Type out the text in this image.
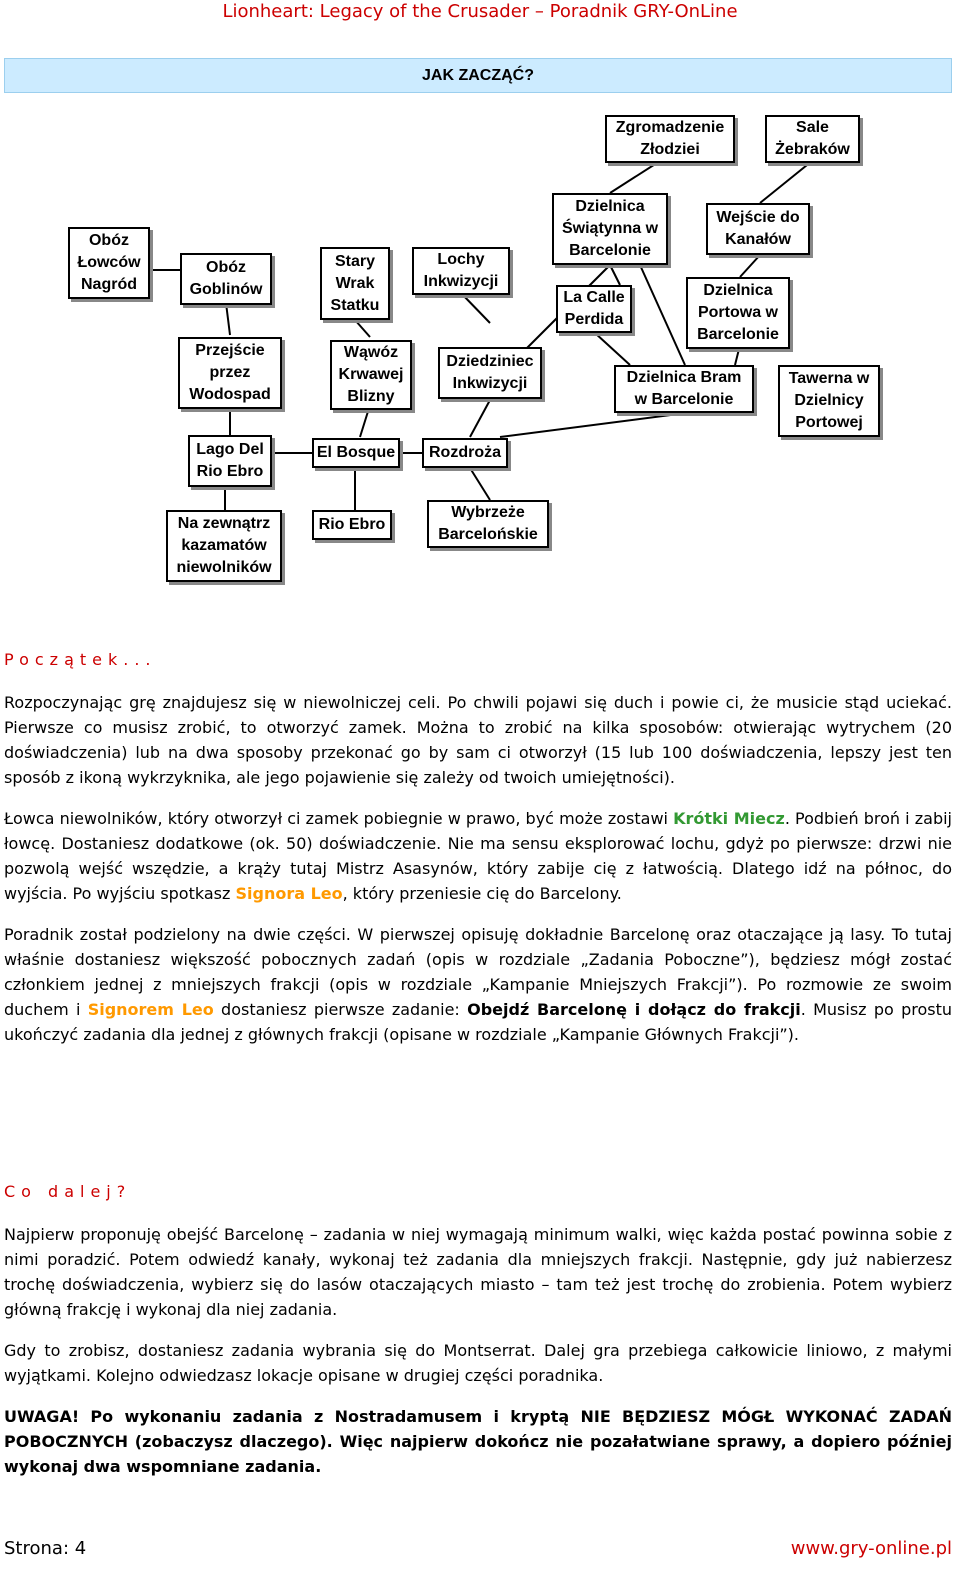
Lionheart: Legacy of the Crusader – Poradnik GRY-OnLine
JAK ZACZĄĆ?
Zgromadzenie
Złodziei
Sale
Żebraków
Dzielnica
Świątynna w
Barcelonie
Wejście do
Kanałów
Obóz
Łowców
Nagród
Obóz
Goblinów
Stary
Wrak
Statku
Lochy
Inkwizycji
La Calle
Perdida
Dzielnica
Portowa w
Barcelonie
Przejście
przez
Wodospad
Wąwóz
Krwawej
Blizny
Dziedziniec
Inkwizycji	Dzielnica Bram
w Barcelonie
Tawerna w
Dzielnicy
Portowej
Lago Del
Rio Ebro
El Bosque	Rozdroża
Na zewnątrz
kazamatów
niewolników
Rio Ebro
Wybrzeże
Barcelońskie
Początek...

Rozpoczynając grę znajdujesz się w niewolniczej celi. Po chwili pojawi się duch i powie ci, że musicie stąd uciekać. Pierwsze co musisz zrobić, to otworzyć zamek. Można to zrobić na kilka sposobów: otwierając wytrychem (20 doświadczenia) lub na dwa sposoby przekonać go by sam ci otworzył (15 lub 100 doświadczenia, lepszy jest ten sposób z ikoną wykrzyknika, ale jego pojawienie się zależy od twoich umiejętności).

Łowca niewolników, który otworzył ci zamek pobiegnie w prawo, być może zostawi Krótki Miecz. Podbień broń i zabij łowcę. Dostaniesz dodatkowe (ok. 50) doświadczenie. Nie ma sensu eksplorować lochu, gdyż po pierwsze: drzwi nie pozwolą wejść wszędzie, a krąży tutaj Mistrz Asasynów, który zabije cię z łatwością. Dlatego idź na północ, do wyjścia. Po wyjściu spotkasz Signora Leo, który przeniesie cię do Barcelony.

Poradnik został podzielony na dwie części. W pierwszej opisuję dokładnie Barcelonę oraz otaczające ją lasy. To tutaj właśnie dostaniesz większość pobocznych zadań (opis w rozdziale „Zadania Poboczne”), będziesz mógł zostać członkiem jednej z mniejszych frakcji (opis w rozdziale „Kampanie Mniejszych Frakcji”). Po rozmowie ze swoim duchem i Signorem Leo dostaniesz pierwsze zadanie: Obejdź Barcelonę i dołącz do frakcji. Musisz po prostu ukończyć zadania dla jednej z głównych frakcji (opisane w rozdziale „Kampanie Głównych Frakcji”).

Co dalej?

Najpierw proponuję obejść Barcelonę – zadania w niej wymagają minimum walki, więc każda postać powinna sobie z nimi poradzić. Potem odwiedź kanały, wykonaj też zadania dla mniejszych frakcji. Następnie, gdy już nabierzesz trochę doświadczenia, wybierz się do lasów otaczających miasto – tam też jest trochę do zrobienia. Potem wybierz główną frakcję i wykonaj dla niej zadania.

Gdy to zrobisz, dostaniesz zadania wybrania się do Montserrat. Dalej gra przebiega całkowicie liniowo, z małymi wyjątkami. Kolejno odwiedzasz lokacje opisane w drugiej części poradnika.

UWAGA! Po wykonaniu zadania z Nostradamusem i kryptą NIE BĘDZIESZ MÓGŁ WYKONAĆ ZADAŃ POBOCZNYCH (zobaczysz dlaczego). Więc najpierw dokończ nie pozałatwiane sprawy, a dopiero później wykonaj dwa wspomniane zadania.

Strona: 4	www.gry-online.pl
